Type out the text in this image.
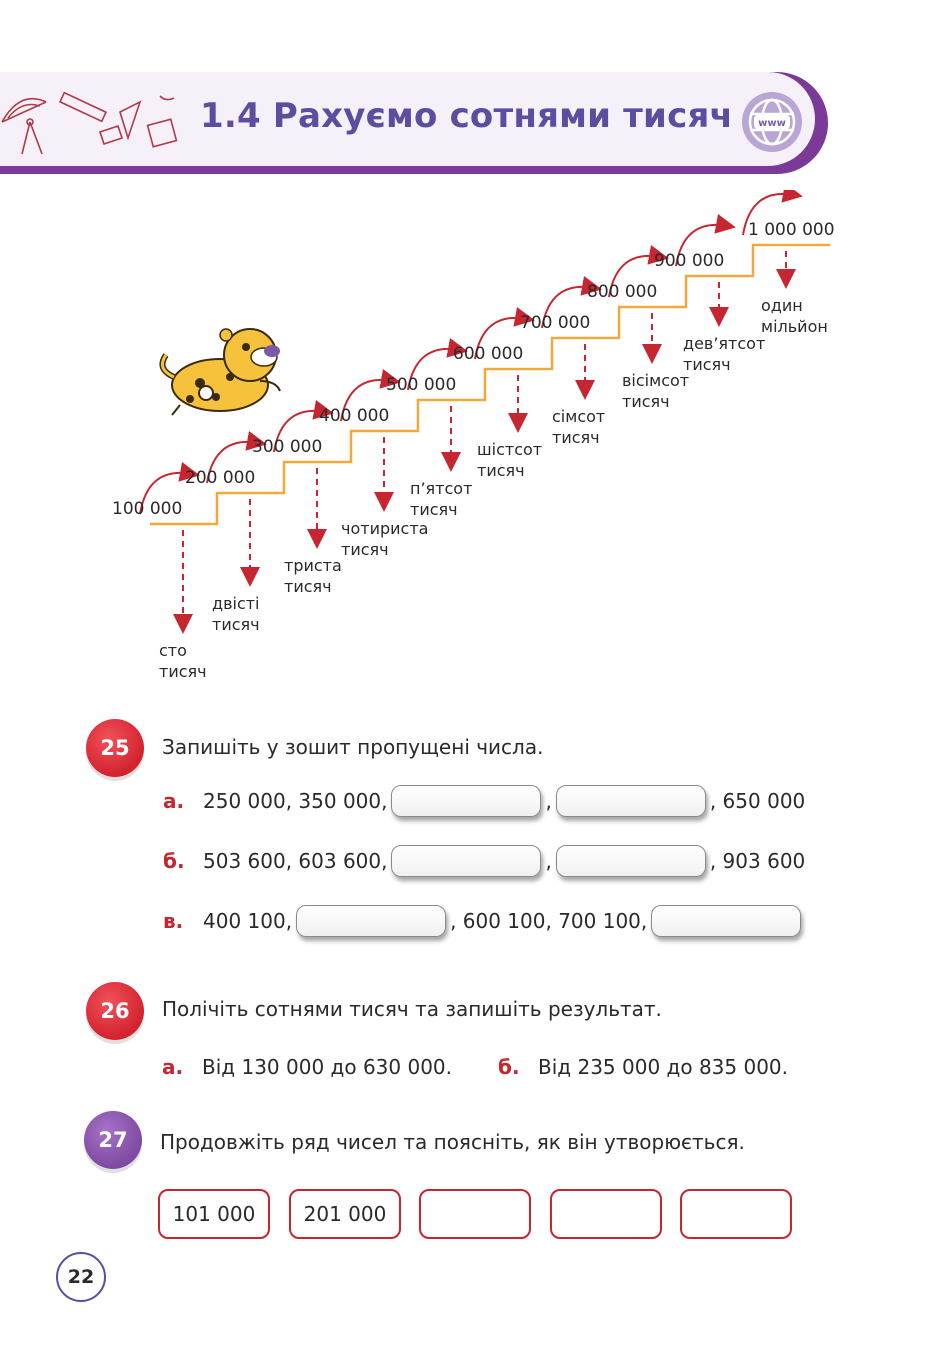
1.4 Рахуємо сотнями тисяч	www
100 000
сто
тисяч
200 000
двісті
тисяч
300 000
триста
тисяч
400 000
чотириста
тисяч
500 000
п’ятсот
тисяч
600 000
шістсот
тисяч
700 000
сімсот
тисяч
800 000
вісімсот
тисяч
900 000
дев’ятсот
тисяч
1 000 000
один
мільйон
25	Запишіть у зошит пропущені числа.
а. 250 000, 350 000,	,	, 650 000
б. 503 600, 603 600,	,	, 903 600
в. 400 100,	, 600 100, 700 100,
26	Полічіть сотнями тисяч та запишіть результат.
а. Від 130 000 до 630 000.	б. Від 235 000 до 835 000.
27	Продовжіть ряд чисел та поясніть, як він утворюється.
101 000	201 000
22
